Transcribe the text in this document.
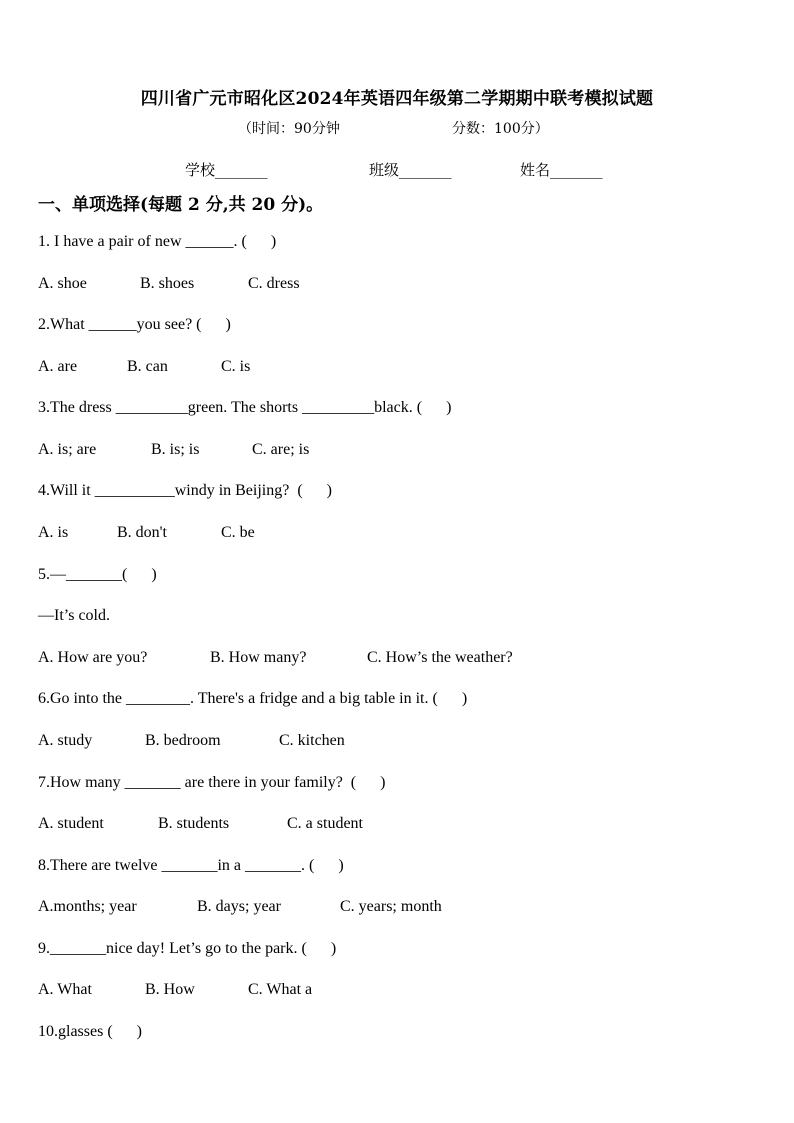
四川省广元市昭化区2024年英语四年级第二学期期中联考模拟试题
（时间：90分钟	分数：100分）
学校_______	班级_______	姓名_______
一、单项选择(每题 2 分,共 20 分)。
1. I have a pair of new ______. (      )
A. shoe	B. shoes	C. dress
2.What ______you see? (      )
A. are	B. can	C. is
3.The dress _________green. The shorts _________black. (      )
A. is; are	B. is; is	C. are; is
4.Will it __________windy in Beijing?  (      )
A. is	B. don't	C. be
5.—_______(      )
—It’s cold.
A. How are you?	B. How many?	C. How’s the weather?
6.Go into the ________. There's a fridge and a big table in it. (      )
A. study	B. bedroom	C. kitchen
7.How many _______ are there in your family?  (      )
A. student	B. students	C. a student
8.There are twelve _______in a _______. (      )
A.months; year	B. days; year	C. years; month
9._______nice day! Let’s go to the park. (      )
A. What	B. How	C. What a
10.glasses (      )
